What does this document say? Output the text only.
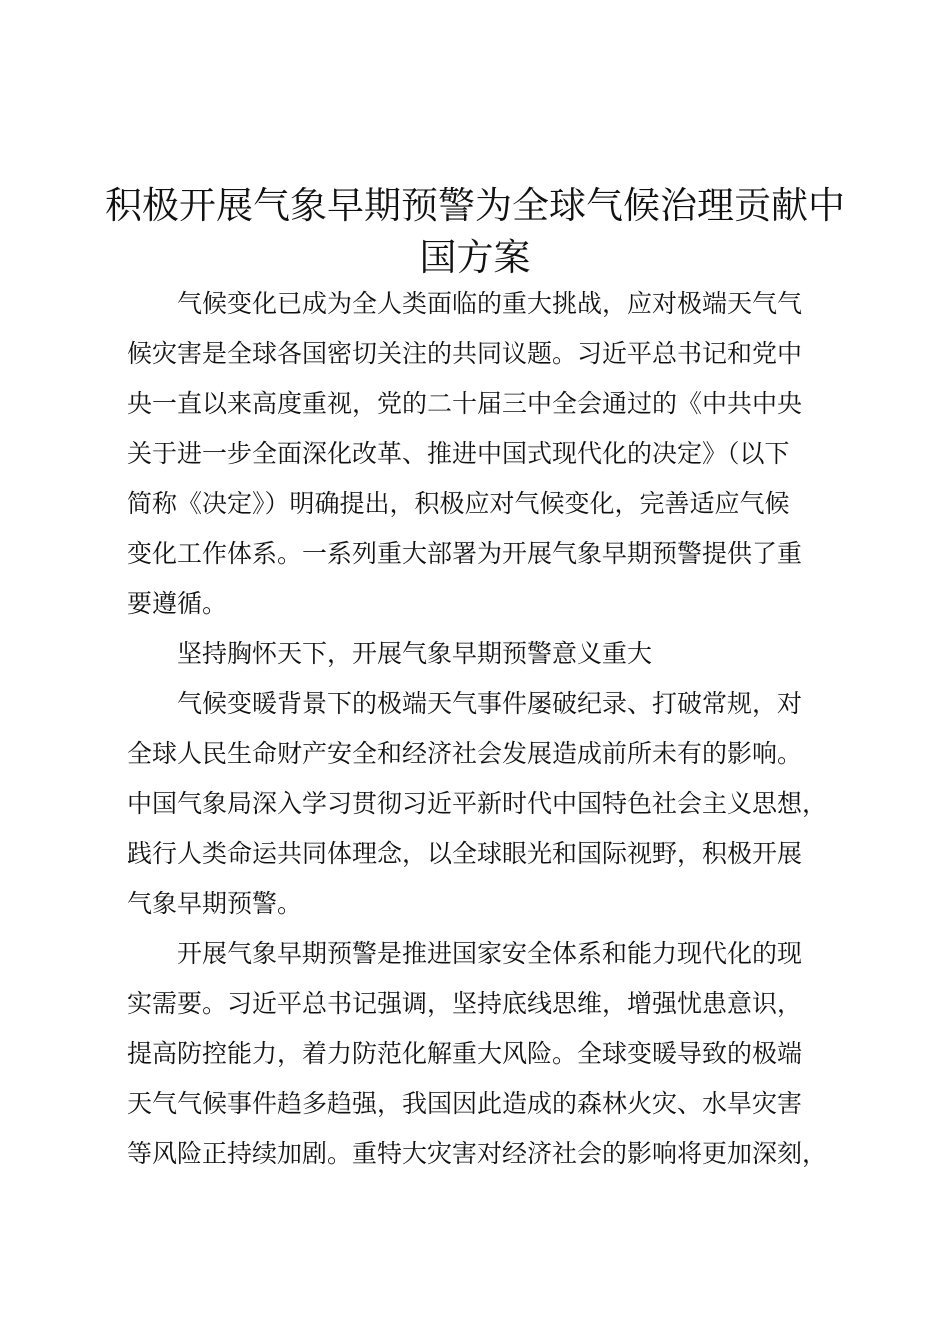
积极开展气象早期预警为全球气候治理贡献中
国方案

气候变化已成为全人类面临的重大挑战，应对极端天气气

候灾害是全球各国密切关注的共同议题。习近平总书记和党中

央一直以来高度重视，党的二十届三中全会通过的《中共中央

关于进一步全面深化改革、推进中国式现代化的决定》（以下

简称《决定》）明确提出，积极应对气候变化，完善适应气候

变化工作体系。一系列重大部署为开展气象早期预警提供了重

要遵循。

坚持胸怀天下，开展气象早期预警意义重大

气候变暖背景下的极端天气事件屡破纪录、打破常规，对

全球人民生命财产安全和经济社会发展造成前所未有的影响。

中国气象局深入学习贯彻习近平新时代中国特色社会主义思想，

践行人类命运共同体理念，以全球眼光和国际视野，积极开展

气象早期预警。

开展气象早期预警是推进国家安全体系和能力现代化的现

实需要。习近平总书记强调，坚持底线思维，增强忧患意识，

提高防控能力，着力防范化解重大风险。全球变暖导致的极端

天气气候事件趋多趋强，我国因此造成的森林火灾、水旱灾害

等风险正持续加剧。重特大灾害对经济社会的影响将更加深刻，
